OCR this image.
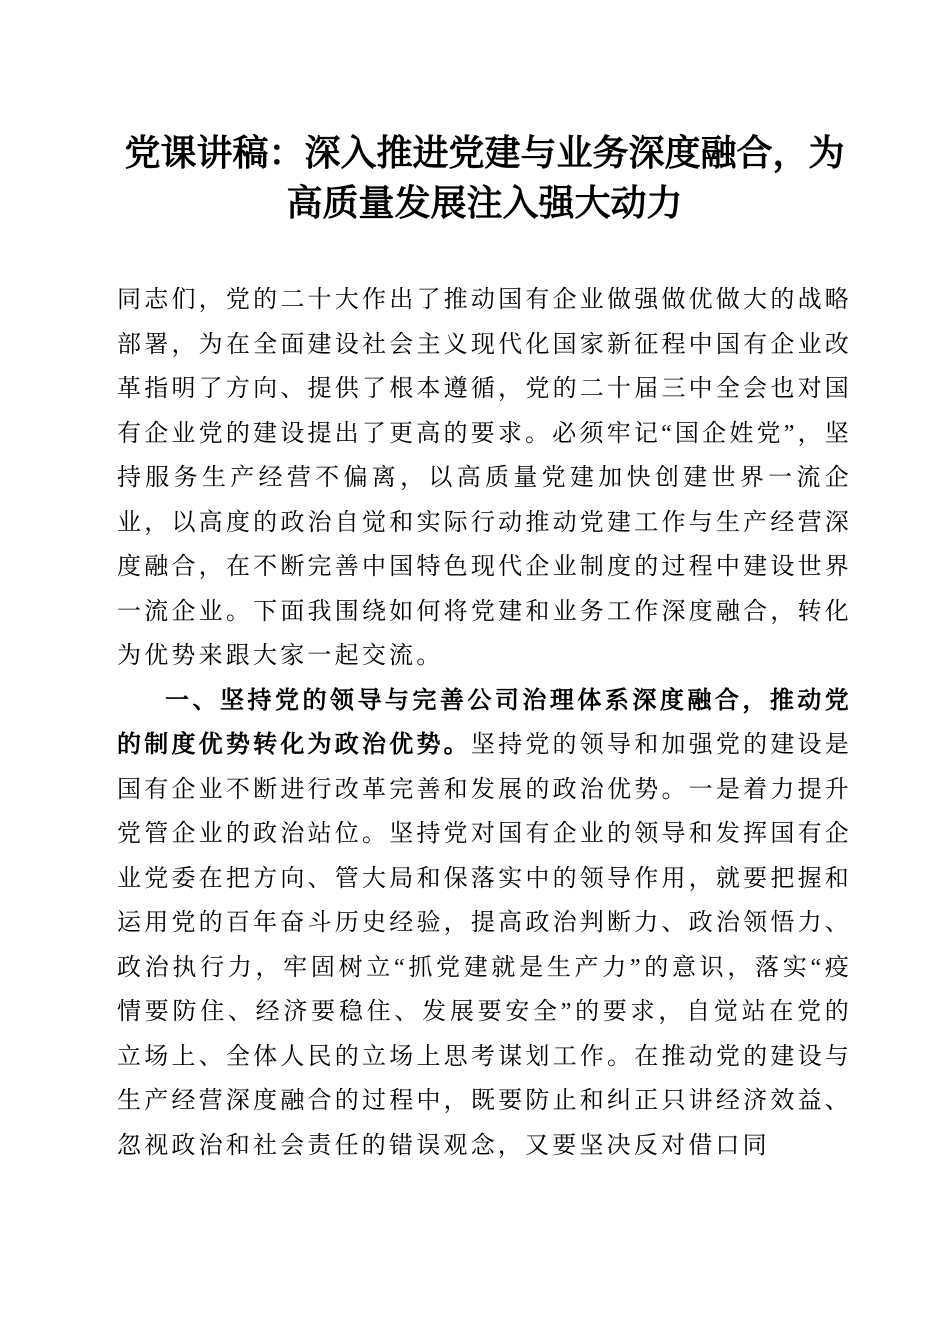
党课讲稿：深入推进党建与业务深度融合，为
高质量发展注入强大动力

同志们，党的二十大作出了推动国有企业做强做优做大的战略部署，为在全面建设社会主义现代化国家新征程中国有企业改革指明了方向、提供了根本遵循，党的二十届三中全会也对国有企业党的建设提出了更高的要求。必须牢记“国企姓党”，坚持服务生产经营不偏离，以高质量党建加快创建世界一流企业，以高度的政治自觉和实际行动推动党建工作与生产经营深度融合，在不断完善中国特色现代企业制度的过程中建设世界一流企业。下面我围绕如何将党建和业务工作深度融合，转化为优势来跟大家一起交流。

一、坚持党的领导与完善公司治理体系深度融合，推动党的制度优势转化为政治优势。坚持党的领导和加强党的建设是国有企业不断进行改革完善和发展的政治优势。一是着力提升党管企业的政治站位。坚持党对国有企业的领导和发挥国有企业党委在把方向、管大局和保落实中的领导作用，就要把握和运用党的百年奋斗历史经验，提高政治判断力、政治领悟力、政治执行力，牢固树立“抓党建就是生产力”的意识，落实“疫情要防住、经济要稳住、发展要安全”的要求，自觉站在党的立场上、全体人民的立场上思考谋划工作。在推动党的建设与生产经营深度融合的过程中，既要防止和纠正只讲经济效益、忽视政治和社会责任的错误观念，又要坚决反对借口同
